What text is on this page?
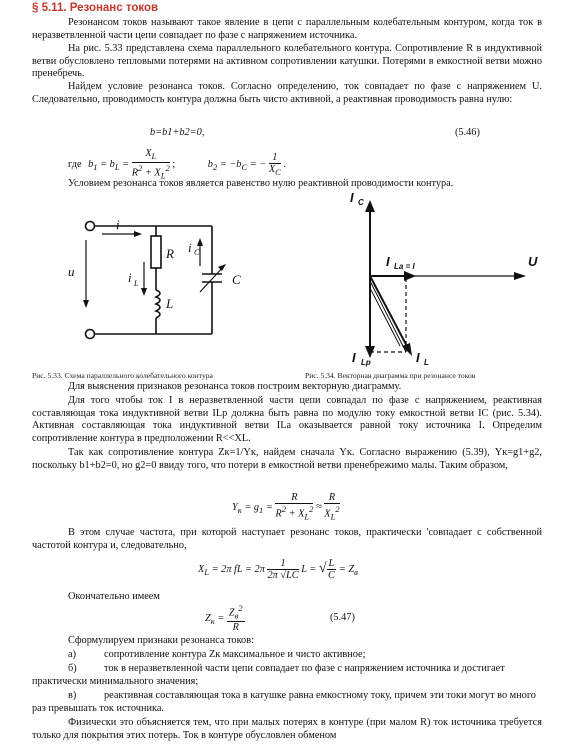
§ 5.11. Резонанс токов
Резонансом токов называют такое явление в цепи с параллельным колебательным контуром, когда ток в неразветвленной части цепи совпадает по фазе с напряжением источника.
На рис. 5.33 представлена схема параллельного колебательного контура. Сопротивление R в индуктивной ветви обусловлено тепловыми потерями на активном сопротивлении катушки. Потерями в емкостной ветви можно пренебречь.
Найдем условие резонанса токов. Согласно определению, ток совпадает по фазе с напряжением U. Следовательно, проводимость контура должна быть чисто активной, а реактивная проводимость равна нулю:
b=b1+b2=0,	(5.46)
где $b_1 = b_L = \frac{X_L}{R^2 + X_L^2}$ ;	$b_2 = -b_C$ = − $\frac{1}{X_C}$ .
Условием резонанса токов является равенство нулю реактивной проводимости контура.
u
i
i
i
R
L
C
L
C
I
I
I	I
U
C
La = I
Lp	L
Рис. 5.33. Схема параллельного колебательного контура	Рис. 5.34. Векторная диаграмма при резонансе токов
Для выяснения признаков резонанса токов построим векторную диаграмму.
Для того чтобы ток I в неразветвленной части цепи совпадал по фазе с напряжением, реактивная составляющая тока индуктивной ветви ILр должна быть равна по модулю току емкостной ветви IC (рис. 5.34). Активная составляющая тока индуктивной ветви ILа оказывается равной току источника I. Определим сопротивление контура в предположении R<<XL.
Так как сопротивление контура Zк=1/Yк, найдем сначала Yк. Согласно выражению (5.39), Yк=g1+g2, поскольку b1+b2=0, но g2=0 ввиду того, что потери в емкостной ветви пренебрежимо малы. Таким образом,
$Y_к = g_1 = \frac{R}{R^2 + X_L^2} \approx \frac{R}{X_L^2}$
В этом случае частота, при которой наступает резонанс токов, практически 'совпадает с собственной частотой контура и, следовательно,
$X_L = 2\pi$ fL = $2\pi \frac{1}{2\pi √LC}$ L = √ $\frac{L}{C} = Z_в$
Окончательно имеем
$Z_к = \frac{Z_в^2}{R}$	(5.47)
Сформулируем признаки резонанса токов:
а)	сопротивление контура Zк максимальное и чисто активное;
б)	ток в неразветвленной части цепи совпадает по фазе с напряжением источника и достигает практически минимального значения;
в)	реактивная составляющая тока в катушке равна емкостному току, причем эти токи могут во много раз превышать ток источника.
Физически это объясняется тем, что при малых потерях в контуре (при малом R) ток источника требуется только для покрытия этих потерь. Ток в контуре обусловлен обменом
